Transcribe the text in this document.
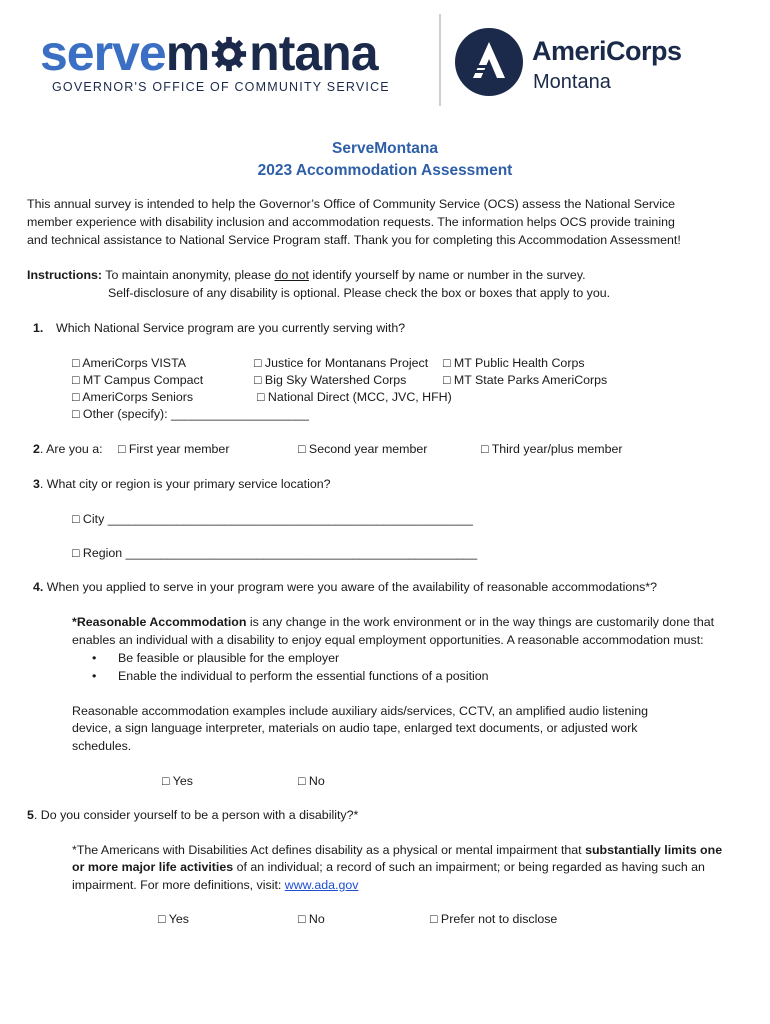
servem ntana
GOVERNOR'S OFFICE OF COMMUNITY SERVICE
AmeriCorps
Montana
ServeMontana
2023 Accommodation Assessment
This annual survey is intended to help the Governor’s Office of Community Service (OCS) assess the National Service
member experience with disability inclusion and accommodation requests. The information helps OCS provide training
and technical assistance to National Service Program staff. Thank you for completing this Accommodation Assessment!
Instructions: To maintain anonymity, please do not identify yourself by name or number in the survey.
Self-disclosure of any disability is optional. Please check the box or boxes that apply to you.
1. Which National Service program are you currently serving with?
□ AmeriCorps VISTA	□ Justice for Montanans Project □ MT Public Health Corps
□ MT Campus Compact	□ Big Sky Watershed Corps	□ MT State Parks AmeriCorps
□ AmeriCorps Seniors	□ National Direct (MCC, JVC, HFH)
□ Other (specify): ____________________
2. Are you a: □ First year member	□ Second year member	□ Third year/plus member
3. What city or region is your primary service location?
□ City _____________________________________________________
□ Region ___________________________________________________
4. When you applied to serve in your program were you aware of the availability of reasonable accommodations*?
*Reasonable Accommodation is any change in the work environment or in the way things are customarily done that
enables an individual with a disability to enjoy equal employment opportunities. A reasonable accommodation must:
• Be feasible or plausible for the employer
• Enable the individual to perform the essential functions of a position
Reasonable accommodation examples include auxiliary aids/services, CCTV, an amplified audio listening
device, a sign language interpreter, materials on audio tape, enlarged text documents, or adjusted work
schedules.
□ Yes	□ No
5. Do you consider yourself to be a person with a disability?*
*The Americans with Disabilities Act defines disability as a physical or mental impairment that substantially limits one
or more major life activities of an individual; a record of such an impairment; or being regarded as having such an
impairment. For more definitions, visit: www.ada.gov
□ Yes	□ No	□ Prefer not to disclose
